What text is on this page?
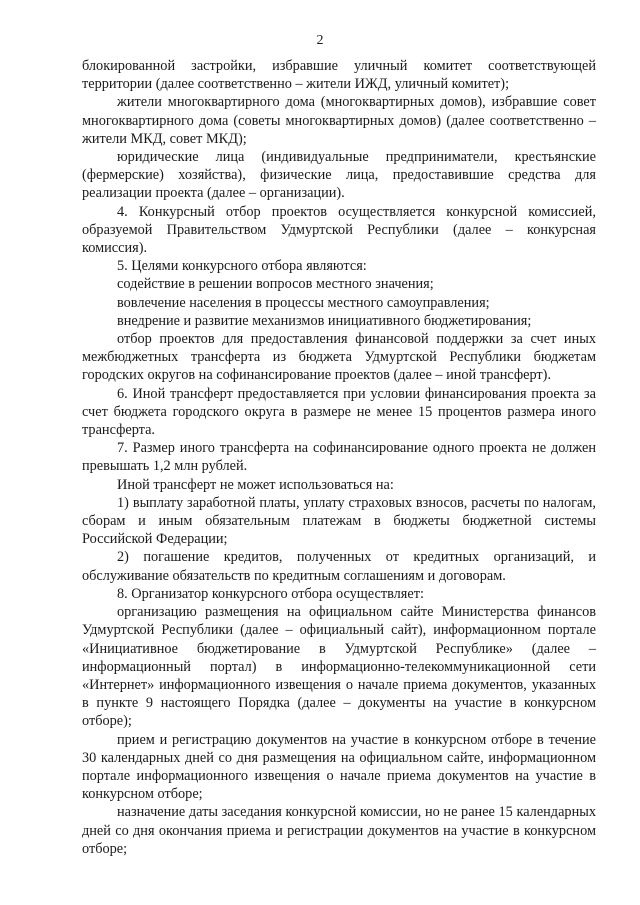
2

блокированной застройки, избравшие уличный комитет соответствующей территории (далее соответственно – жители ИЖД, уличный комитет);

жители многоквартирного дома (многоквартирных домов), избравшие совет многоквартирного дома (советы многоквартирных домов) (далее соответственно – жители МКД, совет МКД);

юридические лица (индивидуальные предприниматели, крестьянские (фермерские) хозяйства), физические лица, предоставившие средства для реализации проекта (далее – организации).

4. Конкурсный отбор проектов осуществляется конкурсной комиссией, образуемой Правительством Удмуртской Республики (далее – конкурсная комиссия).

5. Целями конкурсного отбора являются:

содействие в решении вопросов местного значения;

вовлечение населения в процессы местного самоуправления;

внедрение и развитие механизмов инициативного бюджетирования;

отбор проектов для предоставления финансовой поддержки за счет иных межбюджетных трансферта из бюджета Удмуртской Республики бюджетам городских округов на софинансирование проектов (далее – иной трансферт).

6. Иной трансферт предоставляется при условии финансирования проекта за счет бюджета городского округа в размере не менее 15 процентов размера иного трансферта.

7. Размер иного трансферта на софинансирование одного проекта не должен превышать 1,2 млн рублей.

Иной трансферт не может использоваться на:

1) выплату заработной платы, уплату страховых взносов, расчеты по налогам, сборам и иным обязательным платежам в бюджеты бюджетной системы Российской Федерации;

2) погашение кредитов, полученных от кредитных организаций, и обслуживание обязательств по кредитным соглашениям и договорам.

8. Организатор конкурсного отбора осуществляет:

организацию размещения на официальном сайте Министерства финансов Удмуртской Республики (далее – официальный сайт), информационном портале «Инициативное бюджетирование в Удмуртской Республике» (далее – информационный портал) в информационно-телекоммуникационной сети «Интернет» информационного извещения о начале приема документов, указанных в пункте 9 настоящего Порядка (далее – документы на участие в конкурсном отборе);

прием и регистрацию документов на участие в конкурсном отборе в течение 30 календарных дней со дня размещения на официальном сайте, информационном портале информационного извещения о начале приема документов на участие в конкурсном отборе;

назначение даты заседания конкурсной комиссии, но не ранее 15 календарных дней со дня окончания приема и регистрации документов на участие в конкурсном отборе;
